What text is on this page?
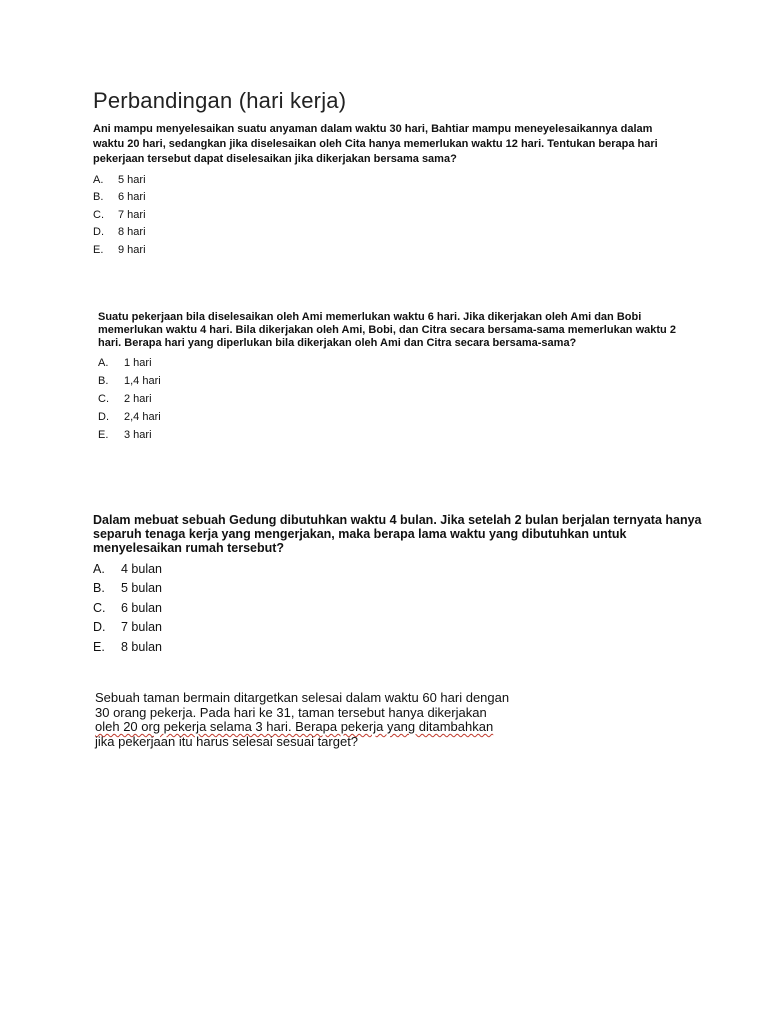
Perbandingan (hari kerja)
Ani mampu menyelesaikan suatu anyaman dalam waktu 30 hari, Bahtiar mampu meneyelesaikannya dalam waktu 20 hari, sedangkan jika diselesaikan oleh Cita hanya memerlukan waktu 12 hari. Tentukan berapa hari pekerjaan tersebut dapat diselesaikan jika dikerjakan bersama sama?
A.	5 hari
B.	6 hari
C.	7 hari
D.	8 hari
E.	9 hari
Suatu pekerjaan bila diselesaikan oleh Ami memerlukan waktu 6 hari. Jika dikerjakan oleh Ami dan Bobi memerlukan waktu 4 hari. Bila dikerjakan oleh Ami, Bobi, dan Citra secara bersama-sama memerlukan waktu 2 hari. Berapa hari yang diperlukan bila dikerjakan oleh Ami dan Citra secara bersama-sama?
A.	1 hari
B.	1,4 hari
C.	2 hari
D.	2,4 hari
E.	3 hari
Dalam mebuat sebuah Gedung dibutuhkan waktu 4 bulan. Jika setelah 2 bulan berjalan ternyata hanya separuh tenaga kerja yang mengerjakan, maka berapa lama waktu yang dibutuhkan untuk menyelesaikan rumah tersebut?
A.	4 bulan
B.	5 bulan
C.	6 bulan
D.	7 bulan
E.	8 bulan
Sebuah taman bermain ditargetkan selesai dalam waktu 60 hari dengan
30 orang pekerja. Pada hari ke 31, taman tersebut hanya dikerjakan
oleh 20 org pekerja selama 3 hari. Berapa pekerja yang ditambahkan
jika pekerjaan itu harus selesai sesuai target?
